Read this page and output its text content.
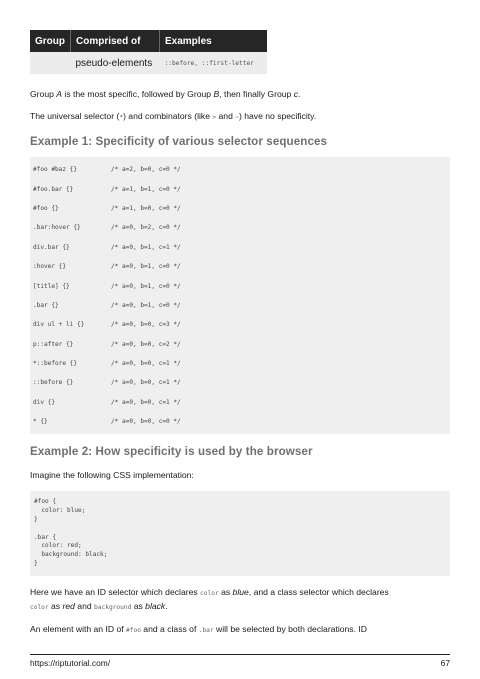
Group	Comprised of	Examples
	pseudo-elements	::before, ::first-letter

Group A is the most specific, followed by Group B, then finally Group c.

The universal selector (*) and combinators (like > and ~) have no specificity.

Example 1: Specificity of various selector sequences
#foo #baz {}	/* a=2, b=0, c=0 */
#foo.bar {}	/* a=1, b=1, c=0 */
#foo {}	/* a=1, b=0, c=0 */
.bar:hover {}	/* a=0, b=2, c=0 */
div.bar {}	/* a=0, b=1, c=1 */
:hover {}	/* a=0, b=1, c=0 */
[title] {}	/* a=0, b=1, c=0 */
.bar {}	/* a=0, b=1, c=0 */
div ul + li {}	/* a=0, b=0, c=3 */
p::after {}	/* a=0, b=0, c=2 */
*::before {}	/* a=0, b=0, c=1 */
::before {}	/* a=0, b=0, c=1 */
div {}	/* a=0, b=0, c=1 */
* {}	/* a=0, b=0, c=0 */
Example 2: How specificity is used by the browser

Imagine the following CSS implementation:

#foo {
color: blue;
}

.bar {
color: red;
background: black;
}

Here we have an ID selector which declares color as blue, and a class selector which declares
color as red and background as black.

An element with an ID of #foo and a class of .bar will be selected by both declarations. ID

https://riptutorial.com/	67
